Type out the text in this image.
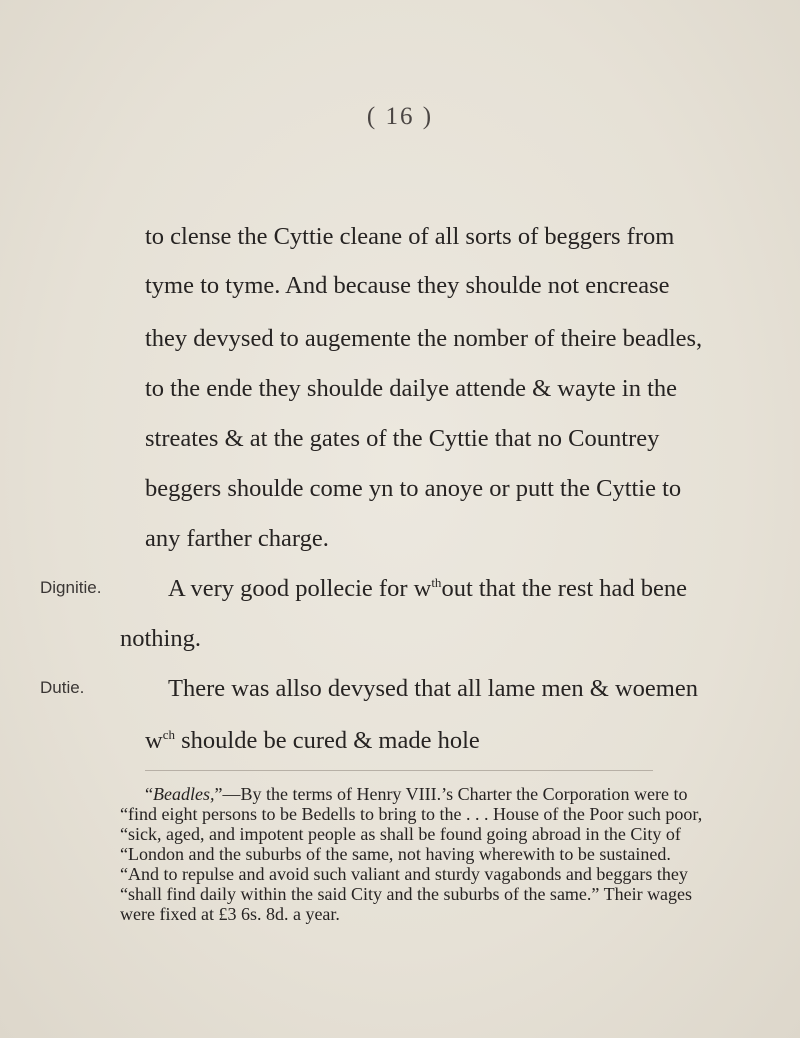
( 16 )
to clense the Cyttie cleane of all sorts of beggers from
tyme to tyme. And because they shoulde not encrease
they devysed to augemente the nomber of theire beadles,
to the ende they shoulde dailye attende & wayte in the
streates & at the gates of the Cyttie that no Countrey
beggers shoulde come yn to anoye or putt the Cyttie to
any farther charge.
Dignitie.	A very good pollecie for $w^{th}out$ that the rest had bene
nothing.
Dutie.	There was allso devysed that all lame men & woemen
$w^{ch}$ shoulde be cured & made hole
“Beadles,”—By the terms of Henry VIII.’s Charter the Corporation were to
“find eight persons to be Bedells to bring to the . . . House of the Poor such poor,
“sick, aged, and impotent people as shall be found going abroad in the City of
“London and the suburbs of the same, not having wherewith to be sustained.
“And to repulse and avoid such valiant and sturdy vagabonds and beggars they
“shall find daily within the said City and the suburbs of the same.” Their wages
were fixed at £3 6s. 8d. a year.
